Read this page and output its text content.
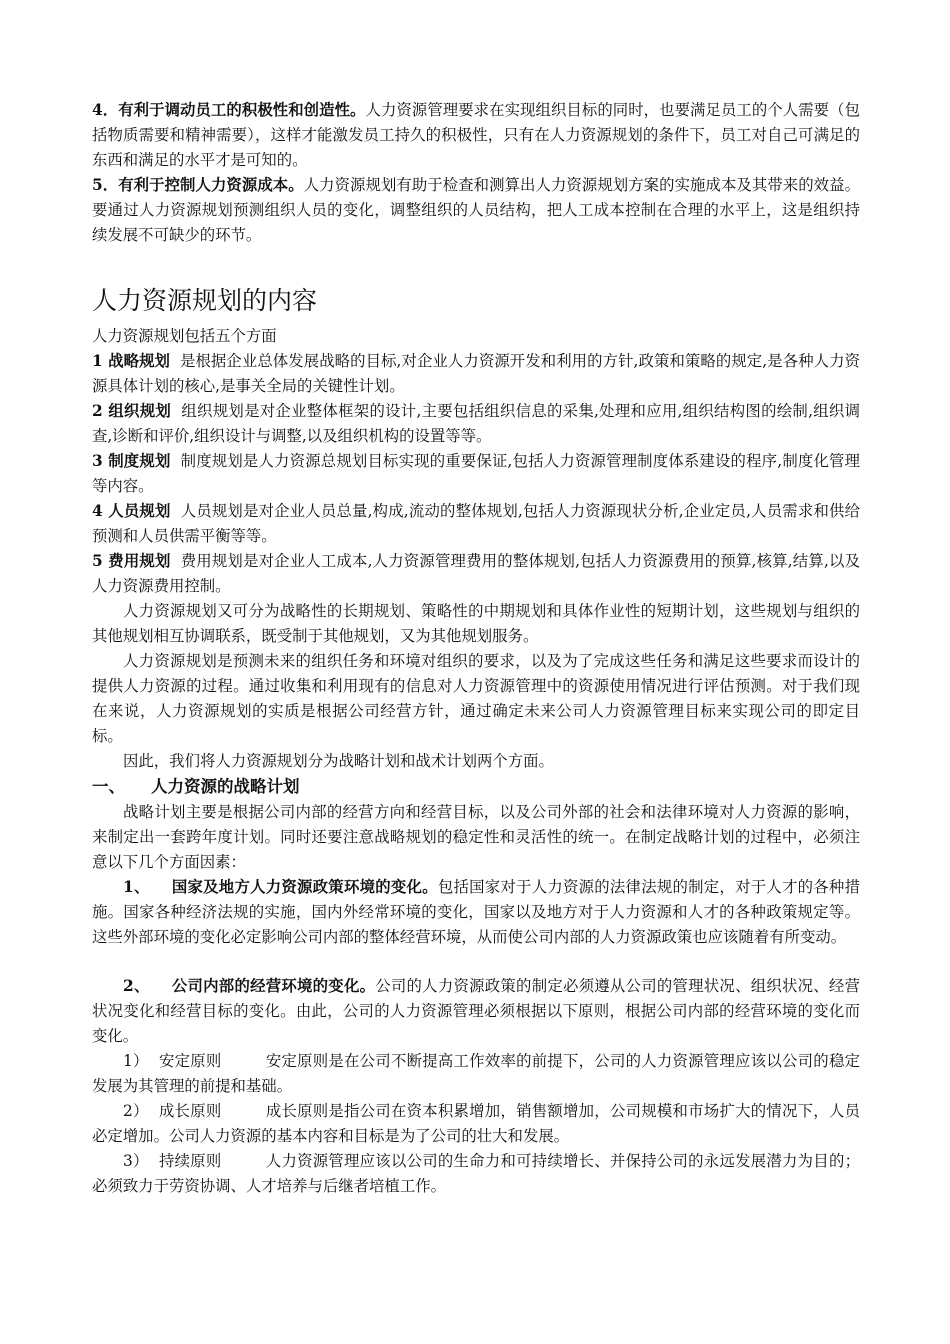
4．有利于调动员工的积极性和创造性。人力资源管理要求在实现组织目标的同时，也要满足员工的个人需要（包括物质需要和精神需要），这样才能激发员工持久的积极性，只有在人力资源规划的条件下，员工对自己可满足的东西和满足的水平才是可知的。

5．有利于控制人力资源成本。人力资源规划有助于检查和测算出人力资源规划方案的实施成本及其带来的效益。要通过人力资源规划预测组织人员的变化，调整组织的人员结构，把人工成本控制在合理的水平上，这是组织持续发展不可缺少的环节。

人力资源规划的内容

人力资源规划包括五个方面

1 战略规划 是根据企业总体发展战略的目标,对企业人力资源开发和利用的方针,政策和策略的规定,是各种人力资源具体计划的核心,是事关全局的关键性计划。

2 组织规划 组织规划是对企业整体框架的设计,主要包括组织信息的采集,处理和应用,组织结构图的绘制,组织调查,诊断和评价,组织设计与调整,以及组织机构的设置等等。

3 制度规划 制度规划是人力资源总规划目标实现的重要保证,包括人力资源管理制度体系建设的程序,制度化管理等内容。

4 人员规划 人员规划是对企业人员总量,构成,流动的整体规划,包括人力资源现状分析,企业定员,人员需求和供给预测和人员供需平衡等等。

5 费用规划 费用规划是对企业人工成本,人力资源管理费用的整体规划,包括人力资源费用的预算,核算,结算,以及人力资源费用控制。

人力资源规划又可分为战略性的长期规划、策略性的中期规划和具体作业性的短期计划，这些规划与组织的其他规划相互协调联系，既受制于其他规划，又为其他规划服务。

人力资源规划是预测未来的组织任务和环境对组织的要求，以及为了完成这些任务和满足这些要求而设计的提供人力资源的过程。通过收集和利用现有的信息对人力资源管理中的资源使用情况进行评估预测。对于我们现在来说，人力资源规划的实质是根据公司经营方针，通过确定未来公司人力资源管理目标来实现公司的即定目标。

因此，我们将人力资源规划分为战略计划和战术计划两个方面。

一、 人力资源的战略计划

战略计划主要是根据公司内部的经营方向和经营目标，以及公司外部的社会和法律环境对人力资源的影响，来制定出一套跨年度计划。同时还要注意战略规划的稳定性和灵活性的统一。在制定战略计划的过程中，必须注意以下几个方面因素：

1、 国家及地方人力资源政策环境的变化。包括国家对于人力资源的法律法规的制定，对于人才的各种措施。国家各种经济法规的实施，国内外经常环境的变化，国家以及地方对于人力资源和人才的各种政策规定等。这些外部环境的变化必定影响公司内部的整体经营环境，从而使公司内部的人力资源政策也应该随着有所变动。

2、 公司内部的经营环境的变化。公司的人力资源政策的制定必须遵从公司的管理状况、组织状况、经营状况变化和经营目标的变化。由此，公司的人力资源管理必须根据以下原则，根据公司内部的经营环境的变化而变化。

1） 安定原则	安定原则是在公司不断提高工作效率的前提下，公司的人力资源管理应该以公司的稳定发展为其管理的前提和基础。

2） 成长原则	成长原则是指公司在资本积累增加，销售额增加，公司规模和市场扩大的情况下，人员必定增加。公司人力资源的基本内容和目标是为了公司的壮大和发展。

3） 持续原则	人力资源管理应该以公司的生命力和可持续增长、并保持公司的永远发展潜力为目的；必须致力于劳资协调、人才培养与后继者培植工作。
